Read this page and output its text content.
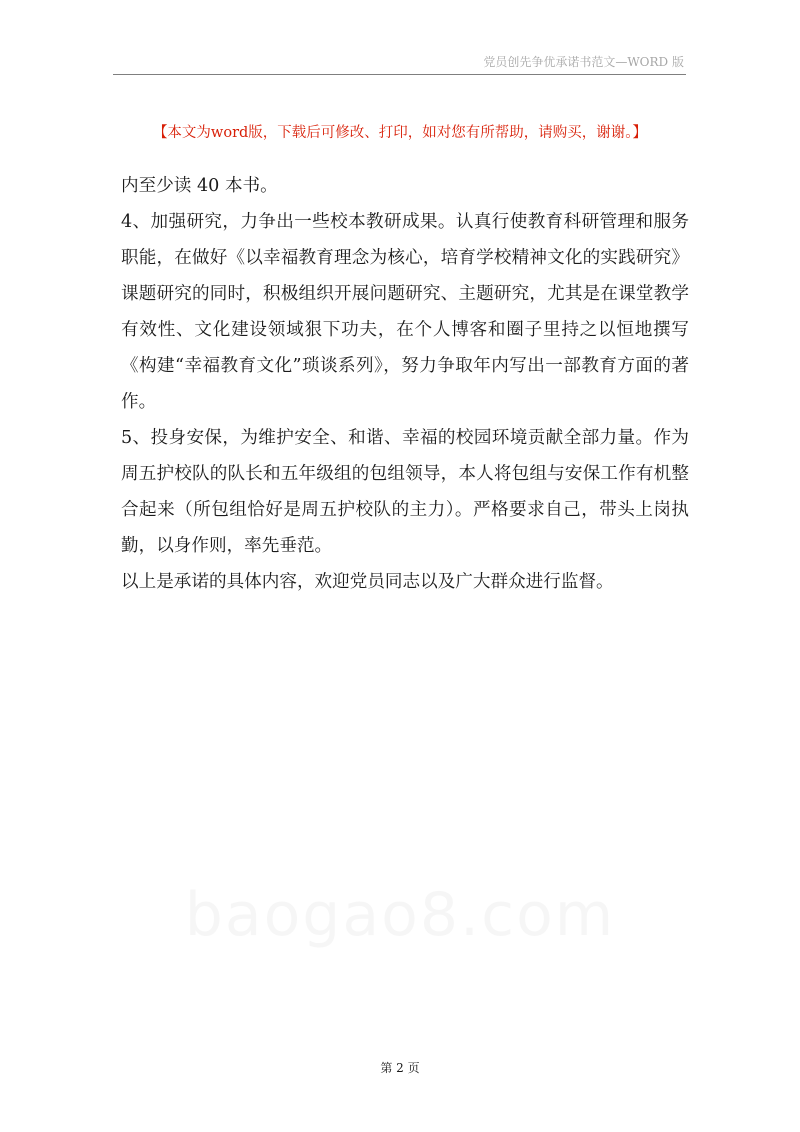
党员创先争优承诺书范文—WORD 版
【本文为word版，下载后可修改、打印，如对您有所帮助，请购买，谢谢。】

内至少读 40 本书。

4、加强研究，力争出一些校本教研成果。认真行使教育科研管理和服务职能，在做好《以幸福教育理念为核心，培育学校精神文化的实践研究》课题研究的同时，积极组织开展问题研究、主题研究，尤其是在课堂教学有效性、文化建设领域狠下功夫，在个人博客和圈子里持之以恒地撰写《构建“幸福教育文化”琐谈系列》，努力争取年内写出一部教育方面的著作。

5、投身安保，为维护安全、和谐、幸福的校园环境贡献全部力量。作为周五护校队的队长和五年级组的包组领导，本人将包组与安保工作有机整合起来（所包组恰好是周五护校队的主力）。严格要求自己，带头上岗执勤，以身作则，率先垂范。

以上是承诺的具体内容，欢迎党员同志以及广大群众进行监督。

第 2 页
